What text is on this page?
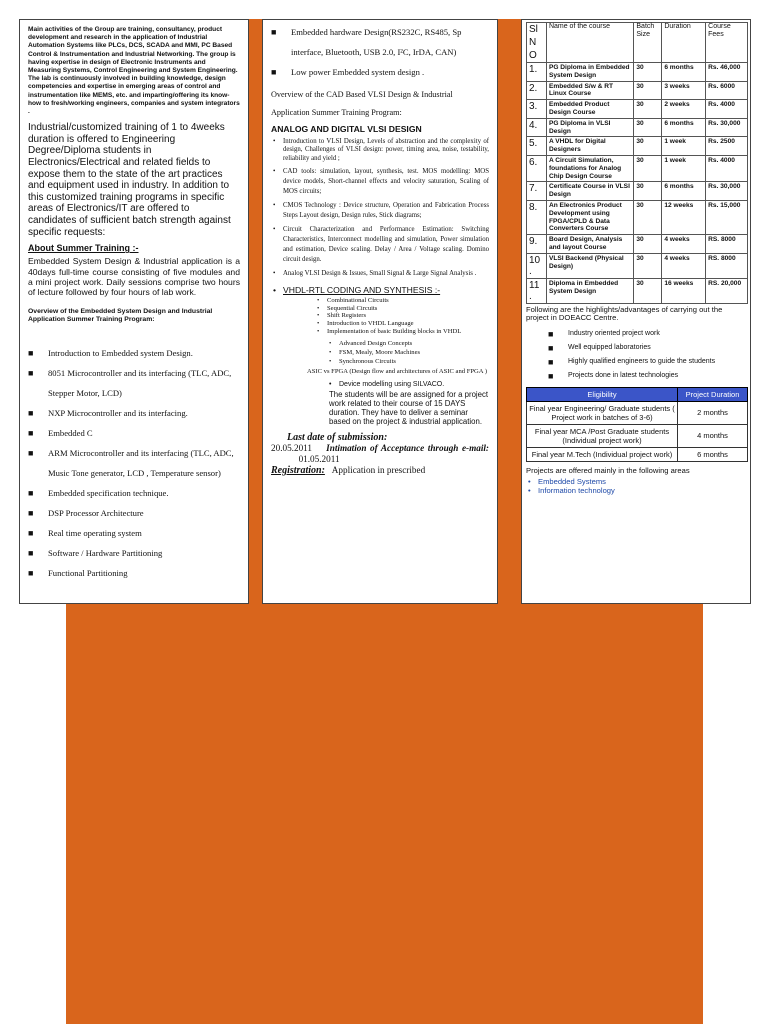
Main activities of the Group are training, consultancy, product development and research in the application of Industrial Automation Systems like PLCs, DCS, SCADA and MMI, PC Based Control & Instrumentation and Industrial Networking. The group is having expertise in design of Electronic Instruments and Measuring Systems, Control Engineering and System Engineering. The lab is continuously involved in building knowledge, design competencies and expertise in emerging areas of control and instrumentation like MEMS, etc. and imparting/offering its know-how to fresh/working engineers, companies and system integrators .

Industrial/customized training of 1 to 4weeks duration is offered to Engineering Degree/Diploma students in Electronics/Electrical and related fields to expose them to the state of the art practices and equipment used in industry. In addition to this customized training programs in specific areas of Electronics/IT are offered to candidates of sufficient batch strength against specific requests:

About Summer Training :-

Embedded System Design & Industrial application is a 40days full-time course consisting of five modules and a mini project work. Daily sessions comprise two hours of lecture followed by four hours of lab work.

Overview of the Embedded System Design and Industrial Application Summer Training Program:

■ Introduction to Embedded system Design.
■ 8051 Microcontroller and its interfacing (TLC, ADC, Stepper Motor, LCD)
■ NXP Microcontroller and its interfacing.
■ Embedded C
■ ARM Microcontroller and its interfacing (TLC, ADC, Music Tone generator, LCD , Temperature sensor)
■ Embedded specification technique.
■ DSP Processor Architecture
■ Real time operating system
■ Software / Hardware Partitioning
■ Functional Partitioning
■ Embedded hardware Design(RS232C, RS485, Sp interface, Bluetooth, USB 2.0, I²C, IrDA, CAN)
■ Low power Embedded system design .

Overview of the CAD Based VLSI Design & Industrial Application Summer Training Program:

ANALOG AND DIGITAL VLSI DESIGN

• Introduction to VLSI Design, Levels of abstraction and the complexity of design, Challenges of VLSI design: power, timing area, noise, testability, reliability and yield ;
• CAD tools: simulation, layout, synthesis, test. MOS modelling: MOS device models, Short-channel effects and velocity saturation, Scaling of MOS circuits;
• CMOS Technology : Device structure, Operation and Fabrication Process Steps Layout design, Design rules, Stick diagrams;
• Circuit Characterization and Performance Estimation: Switching Characteristics, Interconnect modelling and simulation, Power simulation and estimation, Device scaling. Delay / Area / Voltage scaling. Domino circuit design.
• Analog VLSI Design & Issues, Small Signal & Large Signal Analysis .

• VHDL-RTL CODING AND SYNTHESIS :-

• Combinational Circuits
• Sequential Circuits
• Shift Registers
• Introduction to VHDL Language
• Implementation of basic Building blocks in VHDL
• Advanced Design Concepts
• FSM, Mealy, Moore Machines
• Synchronous Circuits

ASIC vs FPGA (Design flow and architectures of ASIC and FPGA )

• Device modelling using SILVACO.

The students will be are assigned for a project work related to their course of 15 DAYS duration. They have to deliver a seminar based on the project & industrial application.

Last date of submission:

20.05.2011 Intimation of Acceptance through e-mail:             01.05.2011

Registration: Application in prescribed

Sl N O	Name of the course	Batch Size	Duration	Course Fees
1.	PG Diploma in Embedded System Design	30	6 months	Rs. 46,000
2.	Embedded S/w & RT Linux Course	30	3 weeks	Rs. 6000
3.	Embedded Product Design Course	30	2 weeks	Rs. 4000
4.	PG Diploma in VLSI Design	30	6 months	Rs. 30,000
5.	A VHDL for Digital Designers	30	1 week	Rs. 2500
6.	A Circuit Simulation, foundations for Analog Chip Design Course	30	1 week	Rs. 4000
7.	Certificate Course in VLSI Design	30	6 months	Rs. 30,000
8.	An Electronics Product Development using FPGA/CPLD & Data Converters Course	30	12 weeks	Rs. 15,000
9.	Board Design, Analysis and layout Course	30	4 weeks	RS. 8000
10 .	VLSI Backend (Physical Design)	30	4 weeks	RS. 8000
11 .	Diploma in Embedded System Design	30	16 weeks	RS. 20,000

Following are the highlights/advantages of carrying out the project in DOEACC Centre.

■ Industry oriented project work
■ Well equipped laboratories
■ Highly qualified engineers to guide the students
■ Projects done in latest technologies
Eligibility	Project Duration
Final year Engineering/ Graduate students ( Project work in batches of 3-6)	2 months
Final year MCA /Post Graduate students (Individual project work)	4 months
Final year M.Tech (Individual project work)	6 months

Projects are offered mainly in the following areas

• Embedded Systems
• Information technology
